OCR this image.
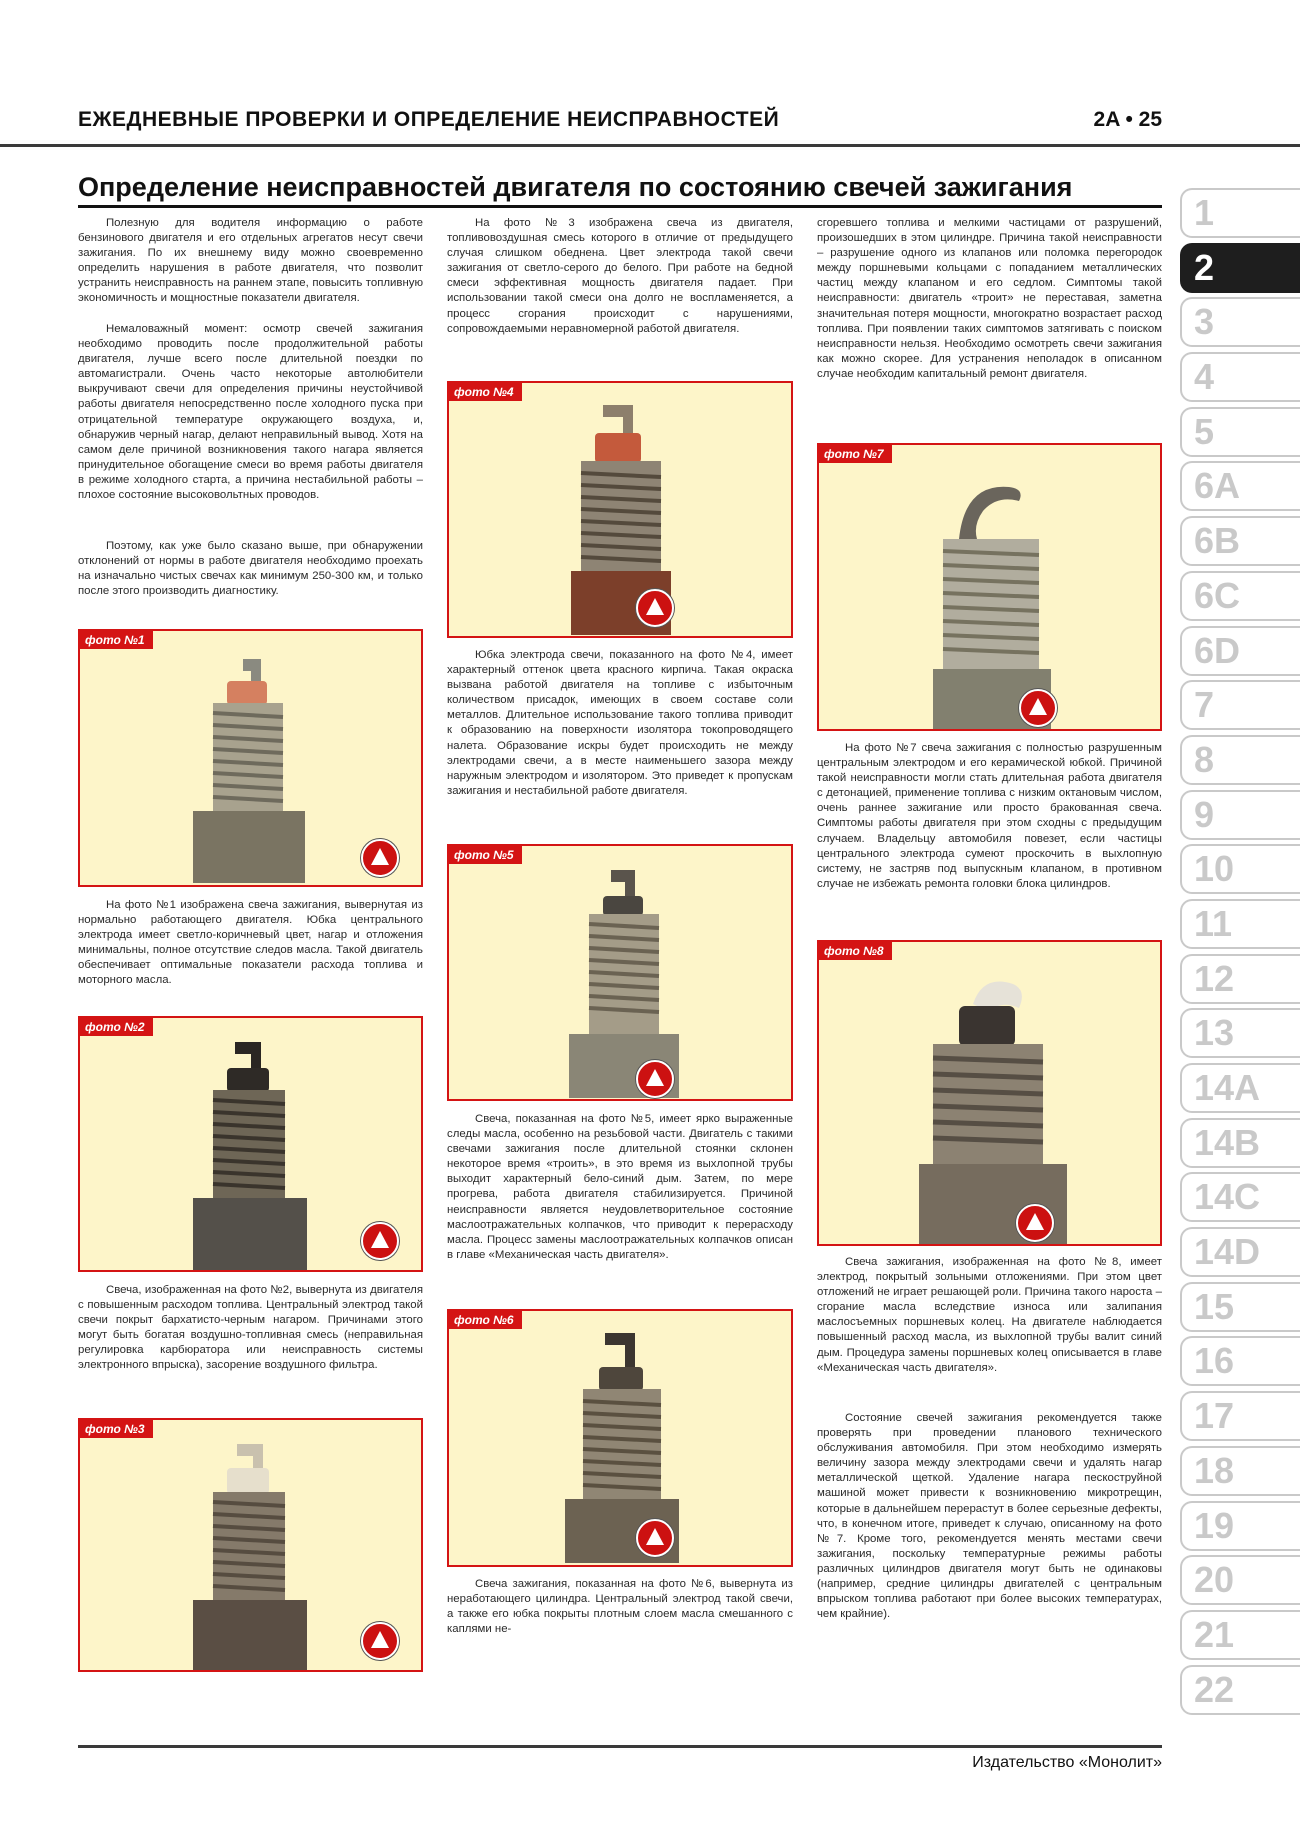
ЕЖЕДНЕВНЫЕ ПРОВЕРКИ И ОПРЕДЕЛЕНИЕ НЕИСПРАВНОСТЕЙ	2A • 25
Определение неисправностей двигателя по состоянию свечей зажигания

Полезную для водителя информацию о работе бензинового двигателя и его отдельных агрегатов несут свечи зажигания. По их внешнему виду можно своевременно определить нарушения в работе двигателя, что позволит устранить неисправность на раннем этапе, повысить топливную экономичность и мощностные показатели двигателя.

Немаловажный момент: осмотр свечей зажигания необходимо проводить после продолжительной работы двигателя, лучше всего после длительной поездки по автомагистрали. Очень часто некоторые автолюбители выкручивают свечи для определения причины неустойчивой работы двигателя непосредственно после холодного пуска при отрицательной температуре окружающего воздуха, и, обнаружив черный нагар, делают неправильный вывод. Хотя на самом деле причиной возникновения такого нагара является принудительное обогащение смеси во время работы двигателя в режиме холодного старта, а причина нестабильной работы – плохое состояние высоковольтных проводов.

Поэтому, как уже было сказано выше, при обнаружении отклонений от нормы в работе двигателя необходимо проехать на изначально чистых свечах как минимум 250-300 км, и только после этого производить диагностику.

фото №1

На фото №1 изображена свеча зажигания, вывернутая из нормально работающего двигателя. Юбка центрального электрода имеет светло-коричневый цвет, нагар и отложения минимальны, полное отсутствие следов масла. Такой двигатель обеспечивает оптимальные показатели расхода топлива и моторного масла.

фото №2

Свеча, изображенная на фото №2, вывернута из двигателя с повышенным расходом топлива. Центральный электрод такой свечи покрыт бархатисто-черным нагаром. Причинами этого могут быть богатая воздушно-топливная смесь (неправильная регулировка карбюратора или неисправность системы электронного впрыска), засорение воздушного фильтра.

фото №3

На фото №3 изображена свеча из двигателя, топливовоздушная смесь которого в отличие от предыдущего случая слишком обеднена. Цвет электрода такой свечи зажигания от светло-серого до белого. При работе на бедной смеси эффективная мощность двигателя падает. При использовании такой смеси она долго не воспламеняется, а процесс сгорания происходит с нарушениями, сопровождаемыми неравномерной работой двигателя.

фото №4

Юбка электрода свечи, показанного на фото №4, имеет характерный оттенок цвета красного кирпича. Такая окраска вызвана работой двигателя на топливе с избыточным количеством присадок, имеющих в своем составе соли металлов. Длительное использование такого топлива приводит к образованию на поверхности изолятора токопроводящего налета. Образование искры будет происходить не между электродами свечи, а в месте наименьшего зазора между наружным электродом и изолятором. Это приведет к пропускам зажигания и нестабильной работе двигателя.

фото №5

Свеча, показанная на фото №5, имеет ярко выраженные следы масла, особенно на резьбовой части. Двигатель с такими свечами зажигания после длительной стоянки склонен некоторое время «троить», в это время из выхлопной трубы выходит характерный бело-синий дым. Затем, по мере прогрева, работа двигателя стабилизируется. Причиной неисправности является неудовлетворительное состояние маслоотражательных колпачков, что приводит к перерасходу масла. Процесс замены маслоотражательных колпачков описан в главе «Механическая часть двигателя».

фото №6

Свеча зажигания, показанная на фото №6, вывернута из неработающего цилиндра. Центральный электрод такой свечи, а также его юбка покрыты плотным слоем масла смешанного с каплями не-

сгоревшего топлива и мелкими частицами от разрушений, произошедших в этом цилиндре. Причина такой неисправности – разрушение одного из клапанов или поломка перегородок между поршневыми кольцами с попаданием металлических частиц между клапаном и его седлом. Симптомы такой неисправности: двигатель «троит» не переставая, заметна значительная потеря мощности, многократно возрастает расход топлива. При появлении таких симптомов затягивать с поиском неисправности нельзя. Необходимо осмотреть свечи зажигания как можно скорее. Для устранения неполадок в описанном случае необходим капитальный ремонт двигателя.

фото №7

На фото №7 свеча зажигания с полностью разрушенным центральным электродом и его керамической юбкой. Причиной такой неисправности могли стать длительная работа двигателя с детонацией, применение топлива с низким октановым числом, очень раннее зажигание или просто бракованная свеча. Симптомы работы двигателя при этом сходны с предыдущим случаем. Владельцу автомобиля повезет, если частицы центрального электрода сумеют проскочить в выхлопную систему, не застряв под выпускным клапаном, в противном случае не избежать ремонта головки блока цилиндров.

фото №8

Свеча зажигания, изображенная на фото №8, имеет электрод, покрытый зольными отложениями. При этом цвет отложений не играет решающей роли. Причина такого нароста – сгорание масла вследствие износа или залипания маслосъемных поршневых колец. На двигателе наблюдается повышенный расход масла, из выхлопной трубы валит синий дым. Процедура замены поршневых колец описывается в главе «Механическая часть двигателя».

Состояние свечей зажигания рекомендуется также проверять при проведении планового технического обслуживания автомобиля. При этом необходимо измерять величину зазора между электродами свечи и удалять нагар металлической щеткой. Удаление нагара пескоструйной машиной может привести к возникновению микротрещин, которые в дальнейшем перерастут в более серьезные дефекты, что, в конечном итоге, приведет к случаю, описанному на фото №7. Кроме того, рекомендуется менять местами свечи зажигания, поскольку температурные режимы работы различных цилиндров двигателя могут быть не одинаковы (например, средние цилиндры двигателей с центральным впрыском топлива работают при более высоких температурах, чем крайние).

1
2
3
4
5
6A
6B
6C
6D
7
8
9
10
11
12
13
14A
14B
14C
14D
15
16
17
18
19
20
21
22
Издательство «Монолит»
